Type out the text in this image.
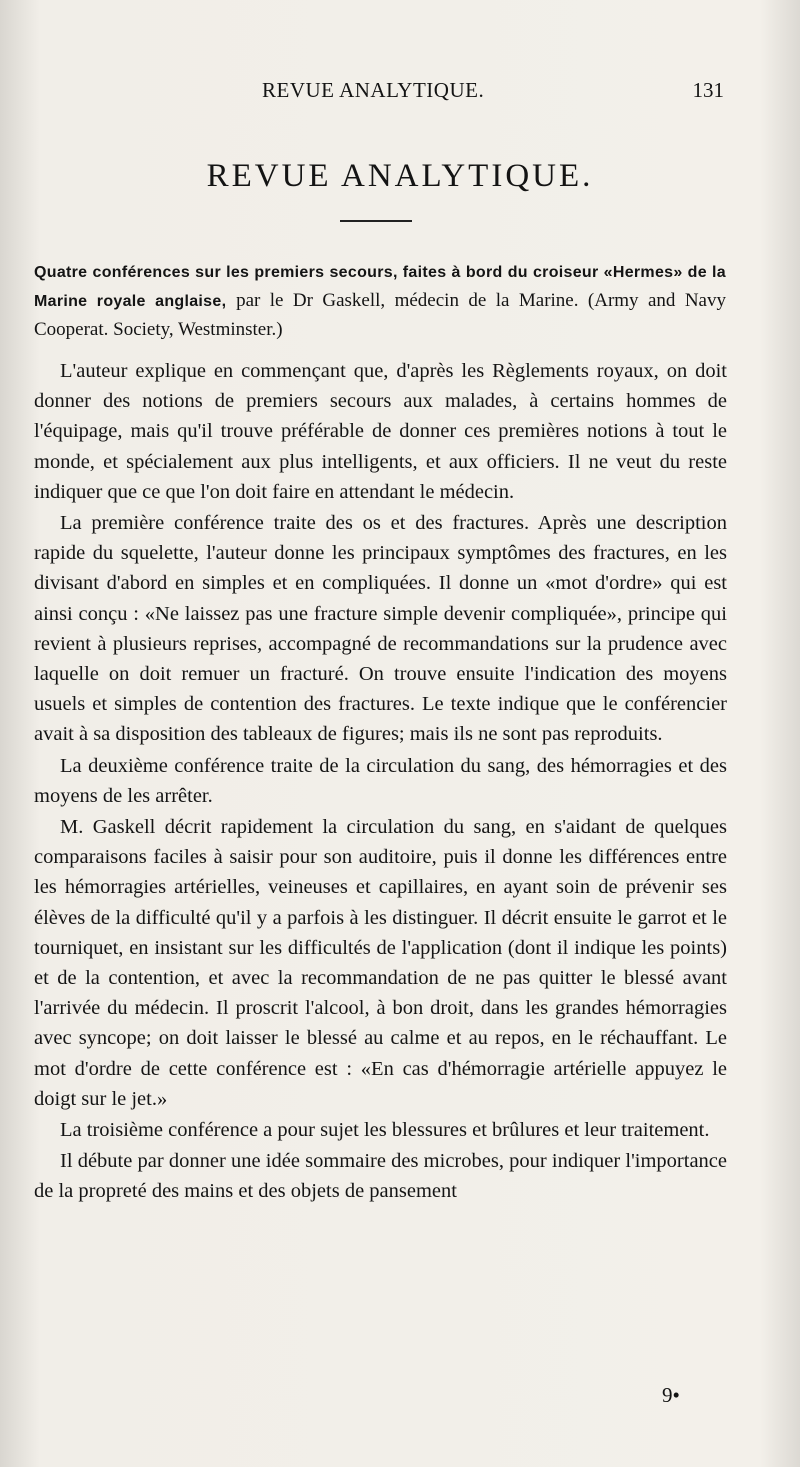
REVUE ANALYTIQUE.	131
REVUE ANALYTIQUE.
Quatre conférences sur les premiers secours, faites à bord du croiseur «Hermes» de la Marine royale anglaise, par le Dr Gaskell, médecin de la Marine. (Army and Navy Cooperat. Society, Westminster.)

L'auteur explique en commençant que, d'après les Règlements royaux, on doit donner des notions de premiers secours aux malades, à certains hommes de l'équipage, mais qu'il trouve préférable de donner ces premières notions à tout le monde, et spécialement aux plus intelligents, et aux officiers. Il ne veut du reste indiquer que ce que l'on doit faire en attendant le médecin.

La première conférence traite des os et des fractures. Après une description rapide du squelette, l'auteur donne les principaux symptômes des fractures, en les divisant d'abord en simples et en compliquées. Il donne un «mot d'ordre» qui est ainsi conçu : «Ne laissez pas une fracture simple devenir compliquée», principe qui revient à plusieurs reprises, accompagné de recommandations sur la prudence avec laquelle on doit remuer un fracturé. On trouve ensuite l'indication des moyens usuels et simples de contention des fractures. Le texte indique que le conférencier avait à sa disposition des tableaux de figures; mais ils ne sont pas reproduits.

La deuxième conférence traite de la circulation du sang, des hémorragies et des moyens de les arrêter.

M. Gaskell décrit rapidement la circulation du sang, en s'aidant de quelques comparaisons faciles à saisir pour son auditoire, puis il donne les différences entre les hémorragies artérielles, veineuses et capillaires, en ayant soin de prévenir ses élèves de la difficulté qu'il y a parfois à les distinguer. Il décrit ensuite le garrot et le tourniquet, en insistant sur les difficultés de l'application (dont il indique les points) et de la contention, et avec la recommandation de ne pas quitter le blessé avant l'arrivée du médecin. Il proscrit l'alcool, à bon droit, dans les grandes hémorragies avec syncope; on doit laisser le blessé au calme et au repos, en le réchauffant. Le mot d'ordre de cette conférence est : «En cas d'hémorragie artérielle appuyez le doigt sur le jet.»

La troisième conférence a pour sujet les blessures et brûlures et leur traitement.

Il débute par donner une idée sommaire des microbes, pour indiquer l'importance de la propreté des mains et des objets de pansement

9•
